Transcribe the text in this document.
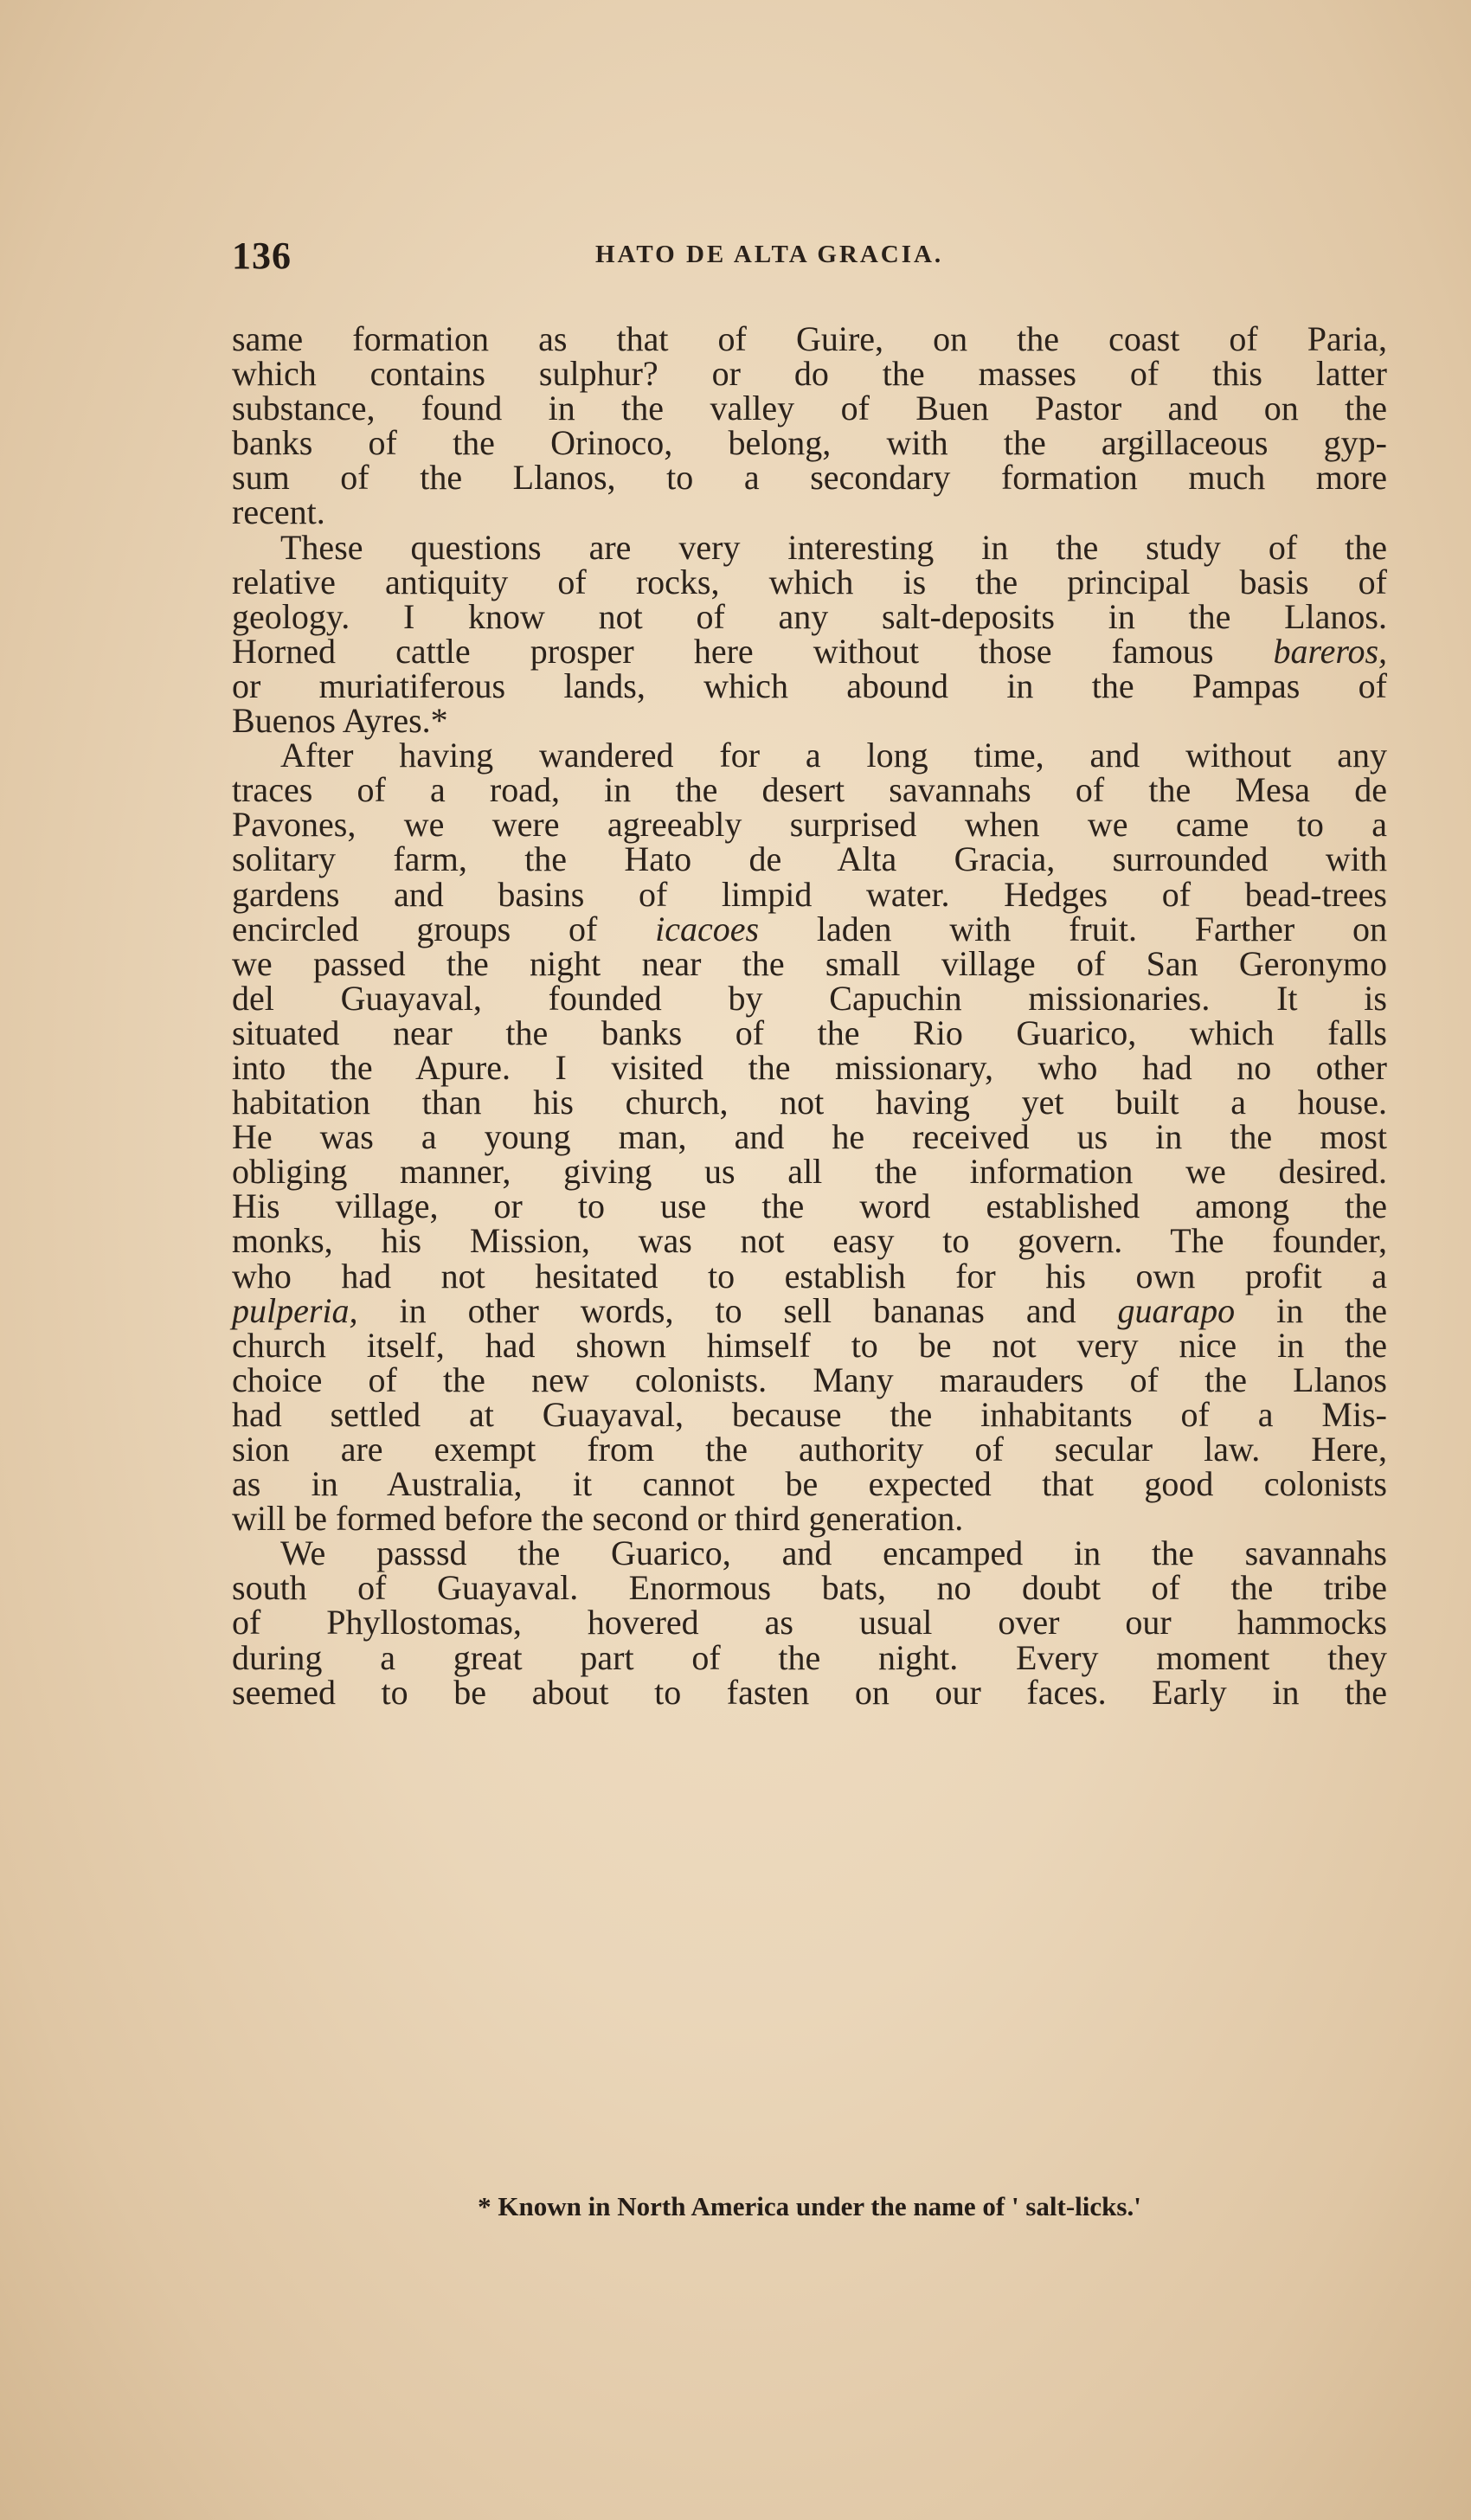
136	HATO DE ALTA GRACIA.
same formation as that of Guire, on the coast of Paria,
which contains sulphur? or do the masses of this latter
substance, found in the valley of Buen Pastor and on the
banks of the Orinoco, belong, with the argillaceous gyp-
sum of the Llanos, to a secondary formation much more
recent.
These questions are very interesting in the study of the
relative antiquity of rocks, which is the principal basis of
geology. I know not of any salt-deposits in the Llanos.
Horned cattle prosper here without those famous bareros,
or muriatiferous lands, which abound in the Pampas of
Buenos Ayres.*
After having wandered for a long time, and without any
traces of a road, in the desert savannahs of the Mesa de
Pavones, we were agreeably surprised when we came to a
solitary farm, the Hato de Alta Gracia, surrounded with
gardens and basins of limpid water. Hedges of bead-trees
encircled groups of icacoes laden with fruit. Farther on
we passed the night near the small village of San Geronymo
del Guayaval, founded by Capuchin missionaries. It is
situated near the banks of the Rio Guarico, which falls
into the Apure. I visited the missionary, who had no other
habitation than his church, not having yet built a house.
He was a young man, and he received us in the most
obliging manner, giving us all the information we desired.
His village, or to use the word established among the
monks, his Mission, was not easy to govern. The founder,
who had not hesitated to establish for his own profit a
pulperia, in other words, to sell bananas and guarapo in the
church itself, had shown himself to be not very nice in the
choice of the new colonists. Many marauders of the Llanos
had settled at Guayaval, because the inhabitants of a Mis-
sion are exempt from the authority of secular law. Here,
as in Australia, it cannot be expected that good colonists
will be formed before the second or third generation.
We passsd the Guarico, and encamped in the savannahs
south of Guayaval. Enormous bats, no doubt of the tribe
of Phyllostomas, hovered as usual over our hammocks
during a great part of the night. Every moment they
seemed to be about to fasten on our faces. Early in the
* Known in North America under the name of ' salt-licks.'
